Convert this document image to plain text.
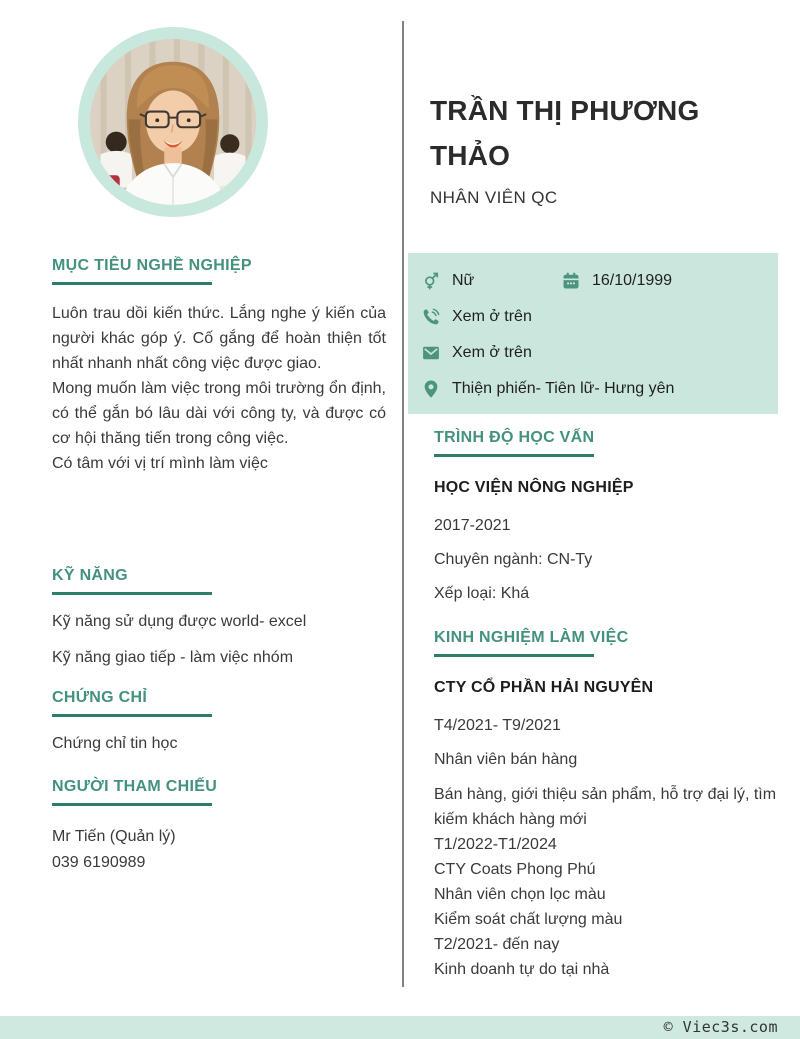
MỤC TIÊU NGHỀ NGHIỆP
Luôn trau dồi kiến thức. Lắng nghe ý kiến của người khác góp ý. Cố gắng để hoàn thiện tốt nhất nhanh nhất công việc được giao.
Mong muốn làm việc trong môi trường ổn định, có thể gắn bó lâu dài với công ty, và được có cơ hội thăng tiến trong công việc.
Có tâm với vị trí mình làm việc
KỸ NĂNG
Kỹ năng sử dụng được world- excel
Kỹ năng giao tiếp - làm việc nhóm
CHỨNG CHỈ
Chứng chỉ tin học
NGƯỜI THAM CHIẾU
Mr Tiến (Quản lý)
039 6190989
TRẦN THỊ PHƯƠNG THẢO
NHÂN VIÊN QC
Nữ	16/10/1999
Xem ở trên
Xem ở trên
Thiện phiến- Tiên lữ- Hưng yên
TRÌNH ĐỘ HỌC VẤN
HỌC VIỆN NÔNG NGHIỆP
2017-2021
Chuyên ngành: CN-Ty
Xếp loại: Khá
KINH NGHIỆM LÀM VIỆC
CTY CỔ PHẦN HẢI NGUYÊN
T4/2021- T9/2021
Nhân viên bán hàng
Bán hàng, giới thiệu sản phẩm, hỗ trợ đại lý, tìm kiếm khách hàng mới
T1/2022-T1/2024
CTY Coats Phong Phú
Nhân viên chọn lọc màu
Kiểm soát chất lượng màu
T2/2021- đến nay
Kinh doanh tự do tại nhà
© Viec3s.com
